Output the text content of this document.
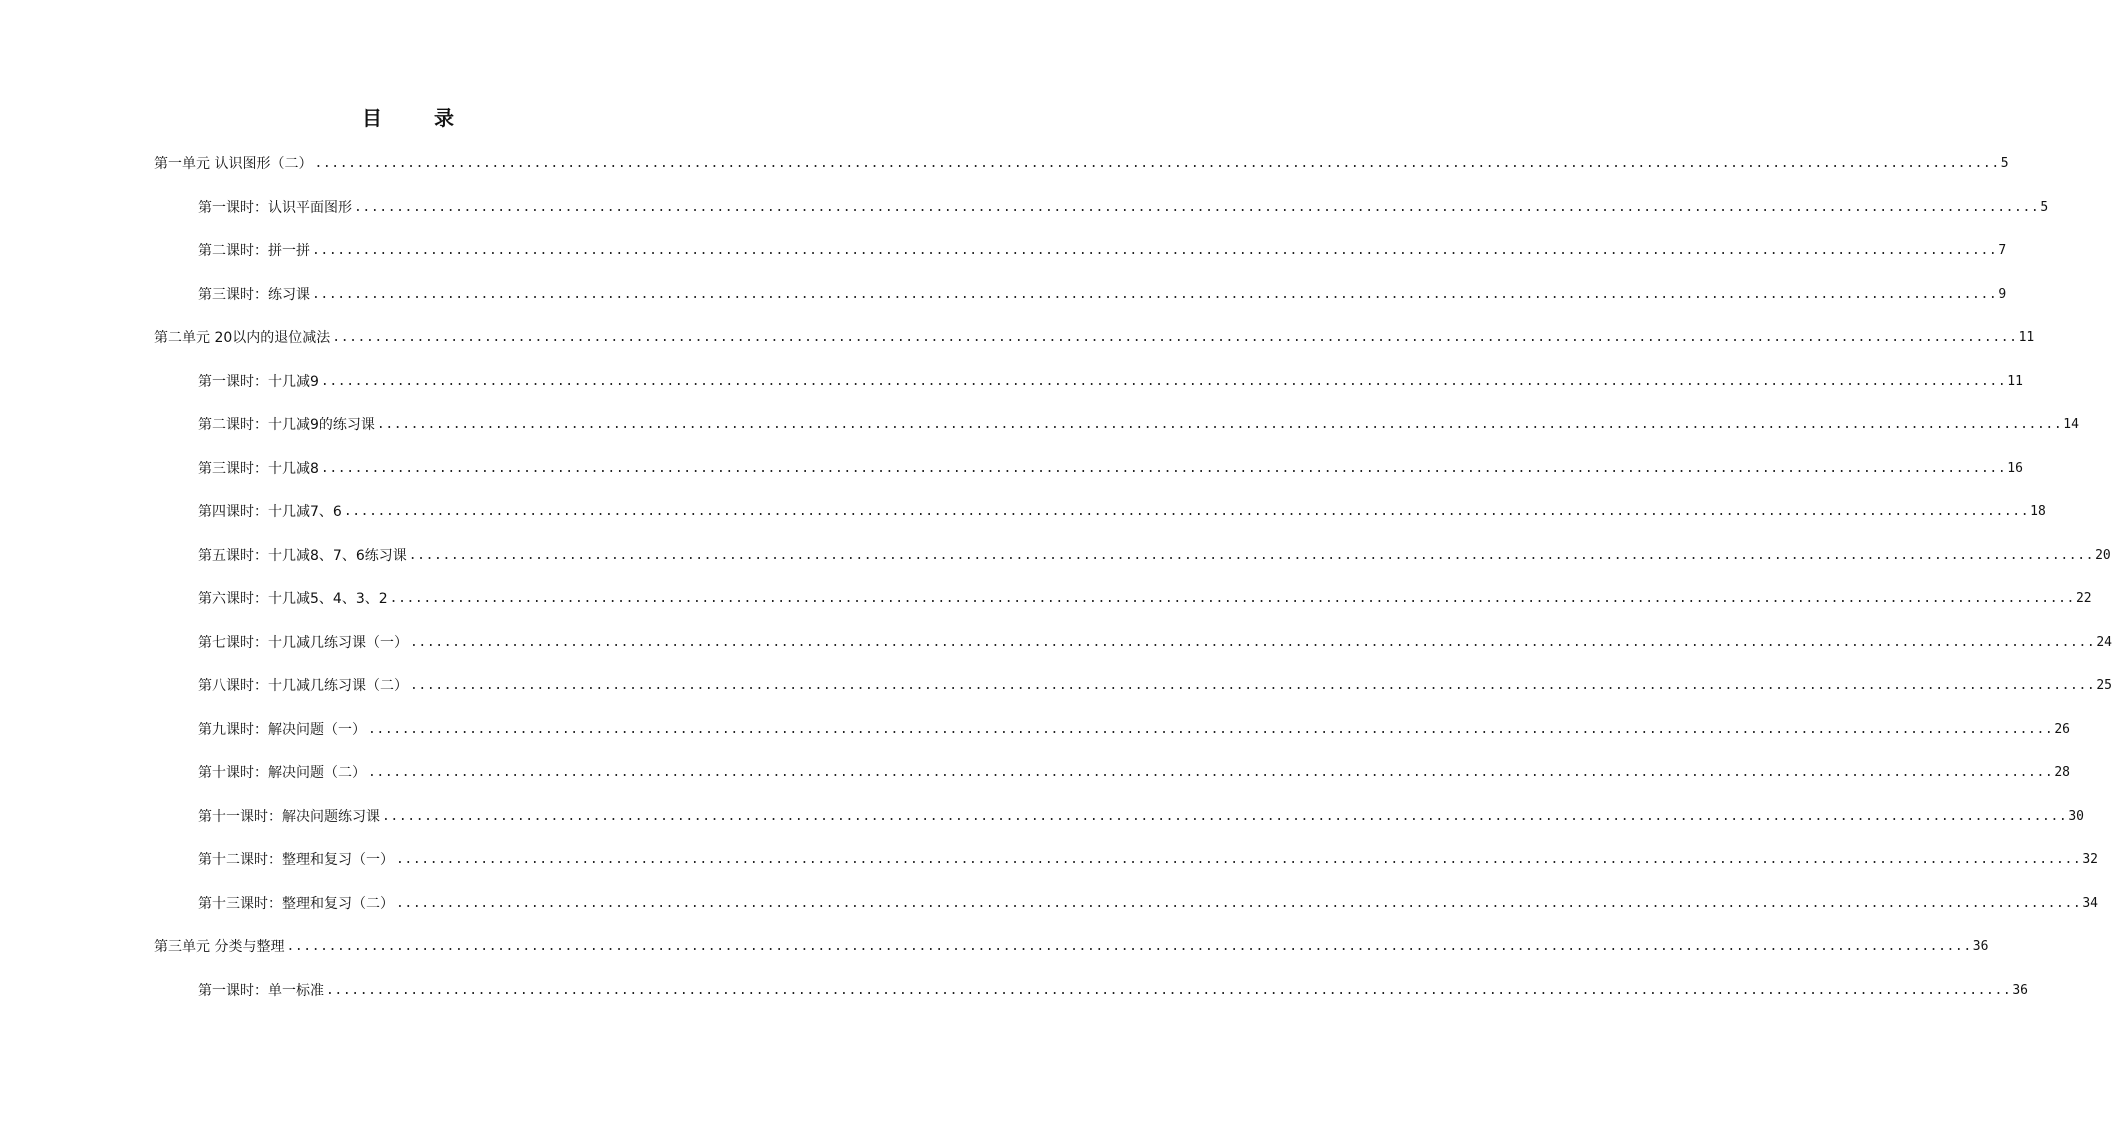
目　录
第一单元 认识图形（二） ........................................................................................................................................................................................................ 5
第一课时：认识平面图形 ........................................................................................................................................................................................................ 5
第二课时：拼一拼 ........................................................................................................................................................................................................ 7
第三课时：练习课 ........................................................................................................................................................................................................ 9
第二单元 20以内的退位减法 ........................................................................................................................................................................................................ 11
第一课时：十几减9 ........................................................................................................................................................................................................ 11
第二课时：十几减9的练习课 ........................................................................................................................................................................................................ 14
第三课时：十几减8 ........................................................................................................................................................................................................ 16
第四课时：十几减7、6 ........................................................................................................................................................................................................ 18
第五课时：十几减8、7、6练习课 ........................................................................................................................................................................................................ 20
第六课时：十几减5、4、3、2 ........................................................................................................................................................................................................ 22
第七课时：十几减几练习课（一） ........................................................................................................................................................................................................ 24
第八课时：十几减几练习课（二） ........................................................................................................................................................................................................ 25
第九课时：解决问题（一） ........................................................................................................................................................................................................ 26
第十课时：解决问题（二） ........................................................................................................................................................................................................ 28
第十一课时：解决问题练习课 ........................................................................................................................................................................................................ 30
第十二课时：整理和复习（一） ........................................................................................................................................................................................................ 32
第十三课时：整理和复习（二） ........................................................................................................................................................................................................ 34
第三单元 分类与整理 ........................................................................................................................................................................................................ 36
第一课时：单一标准 ........................................................................................................................................................................................................ 36
